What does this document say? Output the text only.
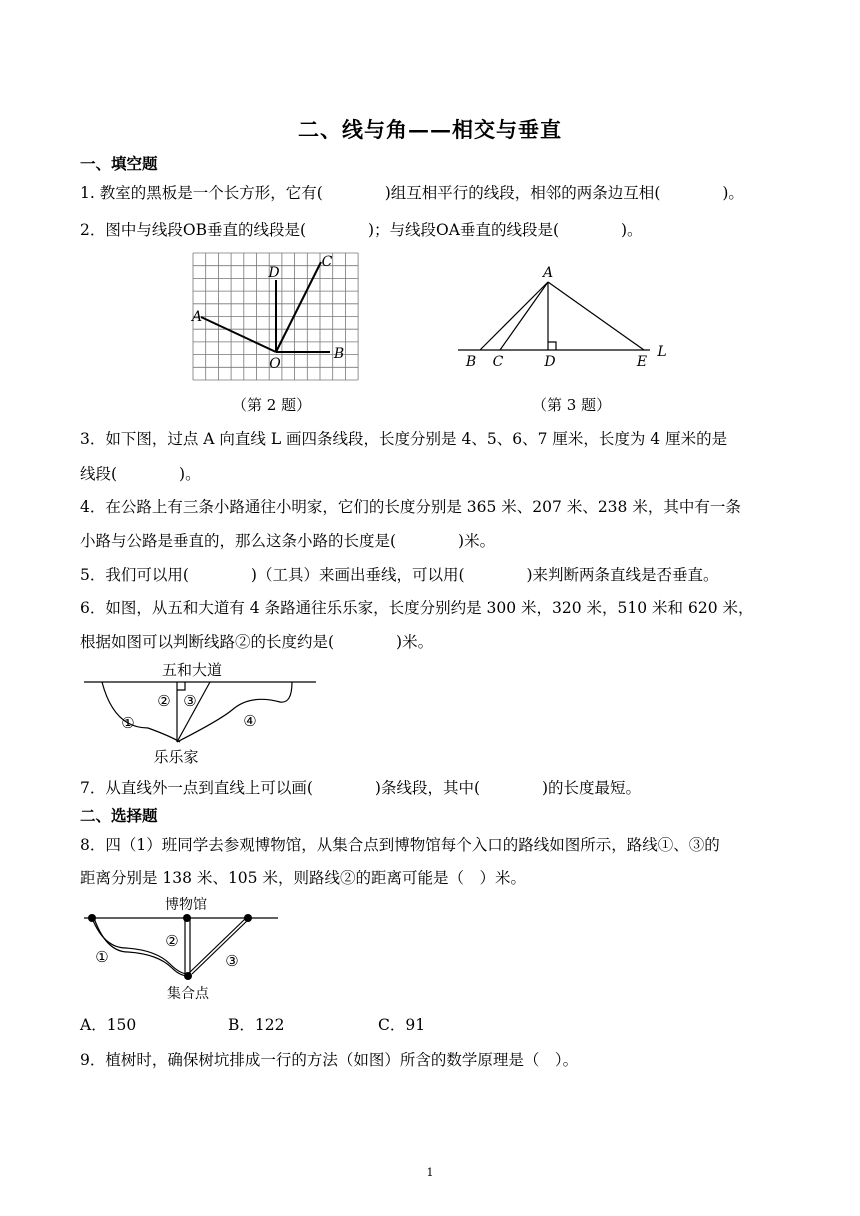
二、线与角——相交与垂直
一、填空题
1. 教室的黑板是一个长方形，它有(　　　　)组互相平行的线段，相邻的两条边互相(　　　　)。
2．图中与线段OB垂直的线段是(　　　　)；与线段OA垂直的线段是(　　　　)。
A
B
C
D
O
A
B C	D	E
L
（第 2 题）	（第 3 题）
3．如下图，过点 A 向直线 L 画四条线段，长度分别是 4、5、6、7 厘米，长度为 4 厘米的是
线段(　　　　)。
4．在公路上有三条小路通往小明家，它们的长度分别是 365 米、207 米、238 米，其中有一条
小路与公路是垂直的，那么这条小路的长度是(　　　　)米。
5．我们可以用(　　　　)（工具）来画出垂线，可以用(　　　　)来判断两条直线是否垂直。
6．如图，从五和大道有 4 条路通往乐乐家，长度分别约是 300 米，320 米，510 米和 620 米，
根据如图可以判断线路②的长度约是(　　　　)米。
五和大道
乐乐家
①
② ③
④
7．从直线外一点到直线上可以画(　　　　)条线段，其中(　　　　)的长度最短。
二、选择题
8．四（1）班同学去参观博物馆，从集合点到博物馆每个入口的路线如图所示，路线①、③的
距离分别是 138 米、105 米，则路线②的距离可能是（　）米。
博物馆
集合点
①
②
③
A．150	B．122	C．91
9．植树时，确保树坑排成一行的方法（如图）所含的数学原理是（　）。
1
